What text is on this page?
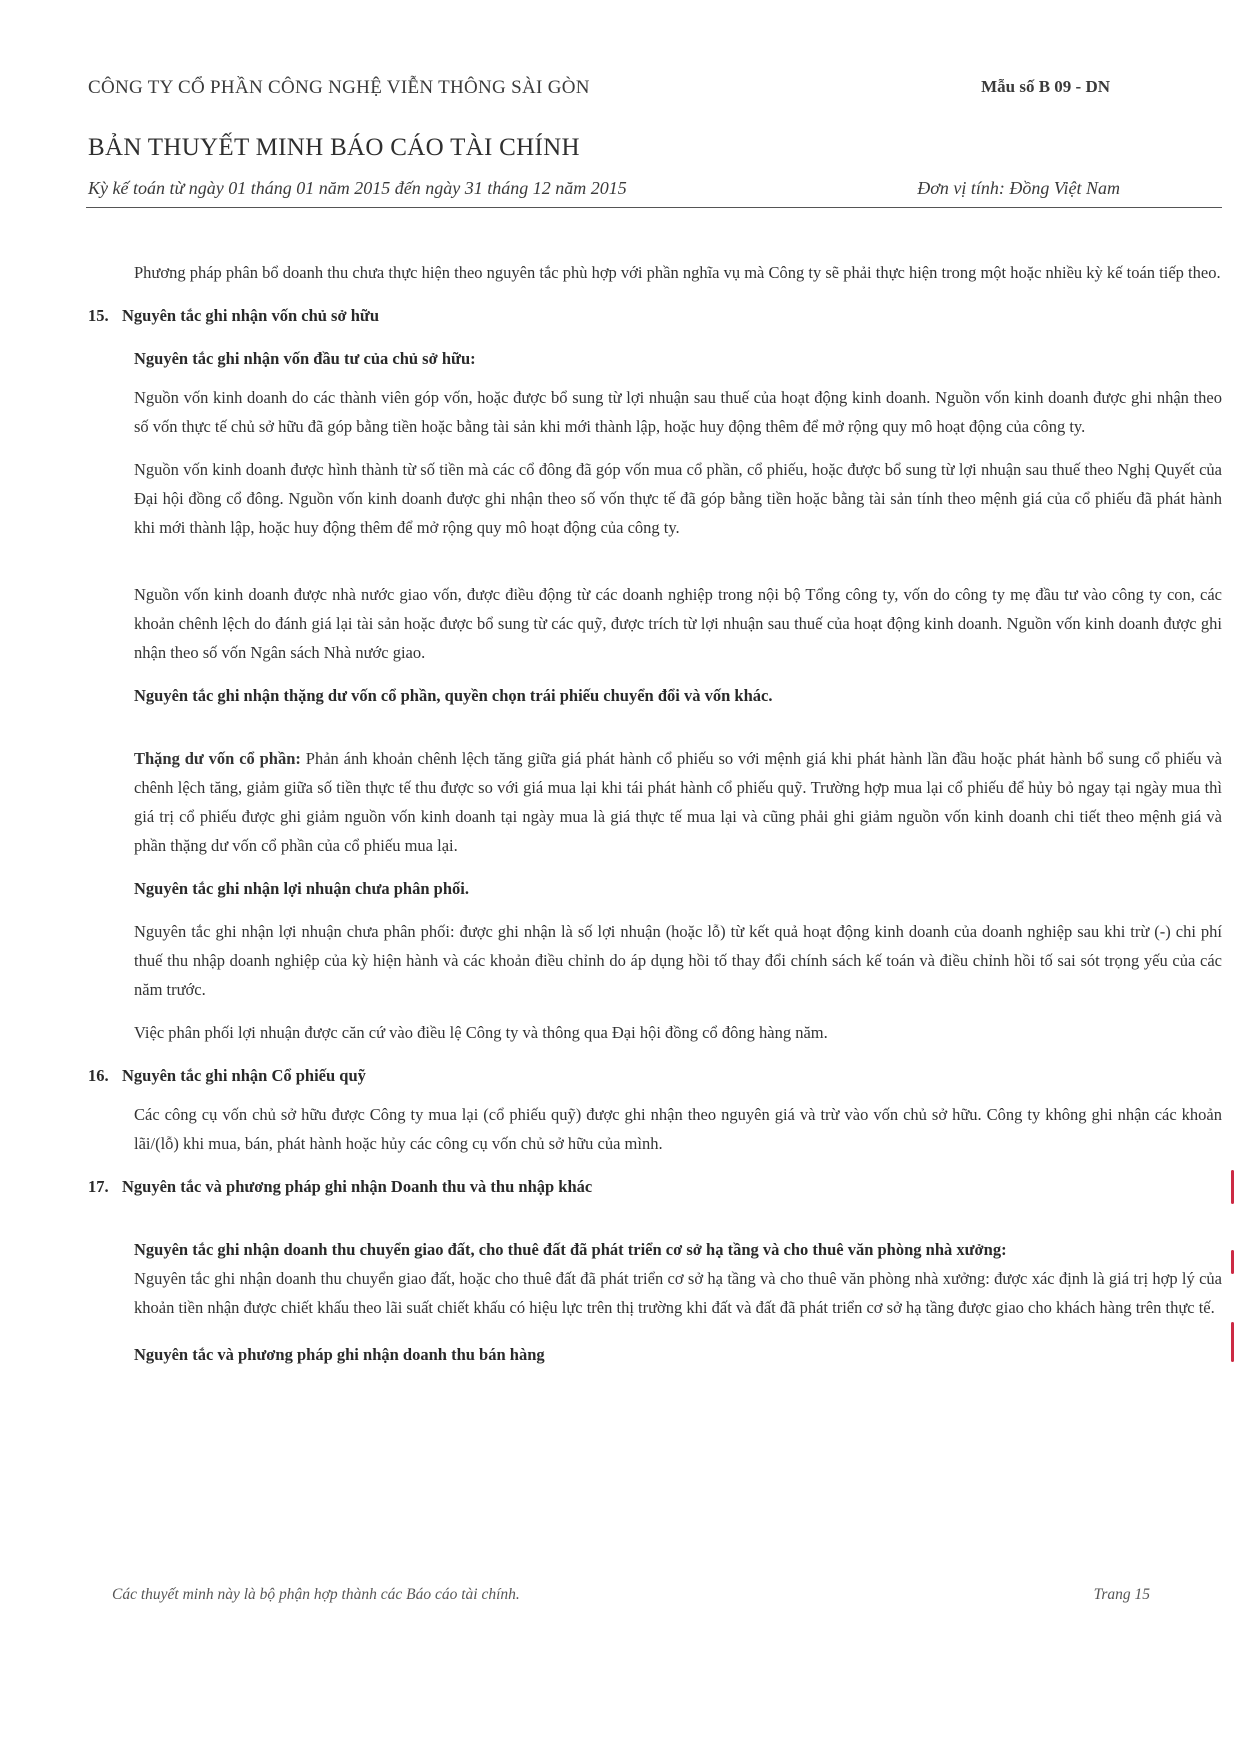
CÔNG TY CỔ PHẦN CÔNG NGHỆ VIỄN THÔNG SÀI GÒN	Mẫu số B 09 - DN
BẢN THUYẾT MINH BÁO CÁO TÀI CHÍNH
Kỳ kế toán từ ngày 01 tháng 01 năm 2015 đến ngày 31 tháng 12 năm 2015	Đơn vị tính: Đồng Việt Nam

Phương pháp phân bổ doanh thu chưa thực hiện theo nguyên tắc phù hợp với phần nghĩa vụ mà Công ty sẽ phải thực hiện trong một hoặc nhiều kỳ kế toán tiếp theo.

15. Nguyên tắc ghi nhận vốn chủ sở hữu

Nguyên tắc ghi nhận vốn đầu tư của chủ sở hữu:

Nguồn vốn kinh doanh do các thành viên góp vốn, hoặc được bổ sung từ lợi nhuận sau thuế của hoạt động kinh doanh. Nguồn vốn kinh doanh được ghi nhận theo số vốn thực tế chủ sở hữu đã góp bằng tiền hoặc bằng tài sản khi mới thành lập, hoặc huy động thêm để mở rộng quy mô hoạt động của công ty.

Nguồn vốn kinh doanh được hình thành từ số tiền mà các cổ đông đã góp vốn mua cổ phần, cổ phiếu, hoặc được bổ sung từ lợi nhuận sau thuế theo Nghị Quyết của Đại hội đồng cổ đông. Nguồn vốn kinh doanh được ghi nhận theo số vốn thực tế đã góp bằng tiền hoặc bằng tài sản tính theo mệnh giá của cổ phiếu đã phát hành khi mới thành lập, hoặc huy động thêm để mở rộng quy mô hoạt động của công ty.

Nguồn vốn kinh doanh được nhà nước giao vốn, được điều động từ các doanh nghiệp trong nội bộ Tổng công ty, vốn do công ty mẹ đầu tư vào công ty con, các khoản chênh lệch do đánh giá lại tài sản hoặc được bổ sung từ các quỹ, được trích từ lợi nhuận sau thuế của hoạt động kinh doanh. Nguồn vốn kinh doanh được ghi nhận theo số vốn Ngân sách Nhà nước giao.

Nguyên tắc ghi nhận thặng dư vốn cổ phần, quyền chọn trái phiếu chuyển đổi và vốn khác.

Thặng dư vốn cổ phần: Phản ánh khoản chênh lệch tăng giữa giá phát hành cổ phiếu so với mệnh giá khi phát hành lần đầu hoặc phát hành bổ sung cổ phiếu và chênh lệch tăng, giảm giữa số tiền thực tế thu được so với giá mua lại khi tái phát hành cổ phiếu quỹ. Trường hợp mua lại cổ phiếu để hủy bỏ ngay tại ngày mua thì giá trị cổ phiếu được ghi giảm nguồn vốn kinh doanh tại ngày mua là giá thực tế mua lại và cũng phải ghi giảm nguồn vốn kinh doanh chi tiết theo mệnh giá và phần thặng dư vốn cổ phần của cổ phiếu mua lại.

Nguyên tắc ghi nhận lợi nhuận chưa phân phối.

Nguyên tắc ghi nhận lợi nhuận chưa phân phối: được ghi nhận là số lợi nhuận (hoặc lỗ) từ kết quả hoạt động kinh doanh của doanh nghiệp sau khi trừ (-) chi phí thuế thu nhập doanh nghiệp của kỳ hiện hành và các khoản điều chỉnh do áp dụng hồi tố thay đổi chính sách kế toán và điều chỉnh hồi tố sai sót trọng yếu của các năm trước.

Việc phân phối lợi nhuận được căn cứ vào điều lệ Công ty và thông qua Đại hội đồng cổ đông hàng năm.

16. Nguyên tắc ghi nhận Cổ phiếu quỹ

Các công cụ vốn chủ sở hữu được Công ty mua lại (cổ phiếu quỹ) được ghi nhận theo nguyên giá và trừ vào vốn chủ sở hữu. Công ty không ghi nhận các khoản lãi/(lỗ) khi mua, bán, phát hành hoặc hủy các công cụ vốn chủ sở hữu của mình.

17. Nguyên tắc và phương pháp ghi nhận Doanh thu và thu nhập khác

Nguyên tắc ghi nhận doanh thu chuyển giao đất, cho thuê đất đã phát triển cơ sở hạ tầng và cho thuê văn phòng nhà xưởng:

Nguyên tắc ghi nhận doanh thu chuyển giao đất, hoặc cho thuê đất đã phát triển cơ sở hạ tầng và cho thuê văn phòng nhà xưởng: được xác định là giá trị hợp lý của khoản tiền nhận được chiết khấu theo lãi suất chiết khấu có hiệu lực trên thị trường khi đất và đất đã phát triển cơ sở hạ tầng được giao cho khách hàng trên thực tế.

Nguyên tắc và phương pháp ghi nhận doanh thu bán hàng

Các thuyết minh này là bộ phận hợp thành các Báo cáo tài chính.	Trang 15
